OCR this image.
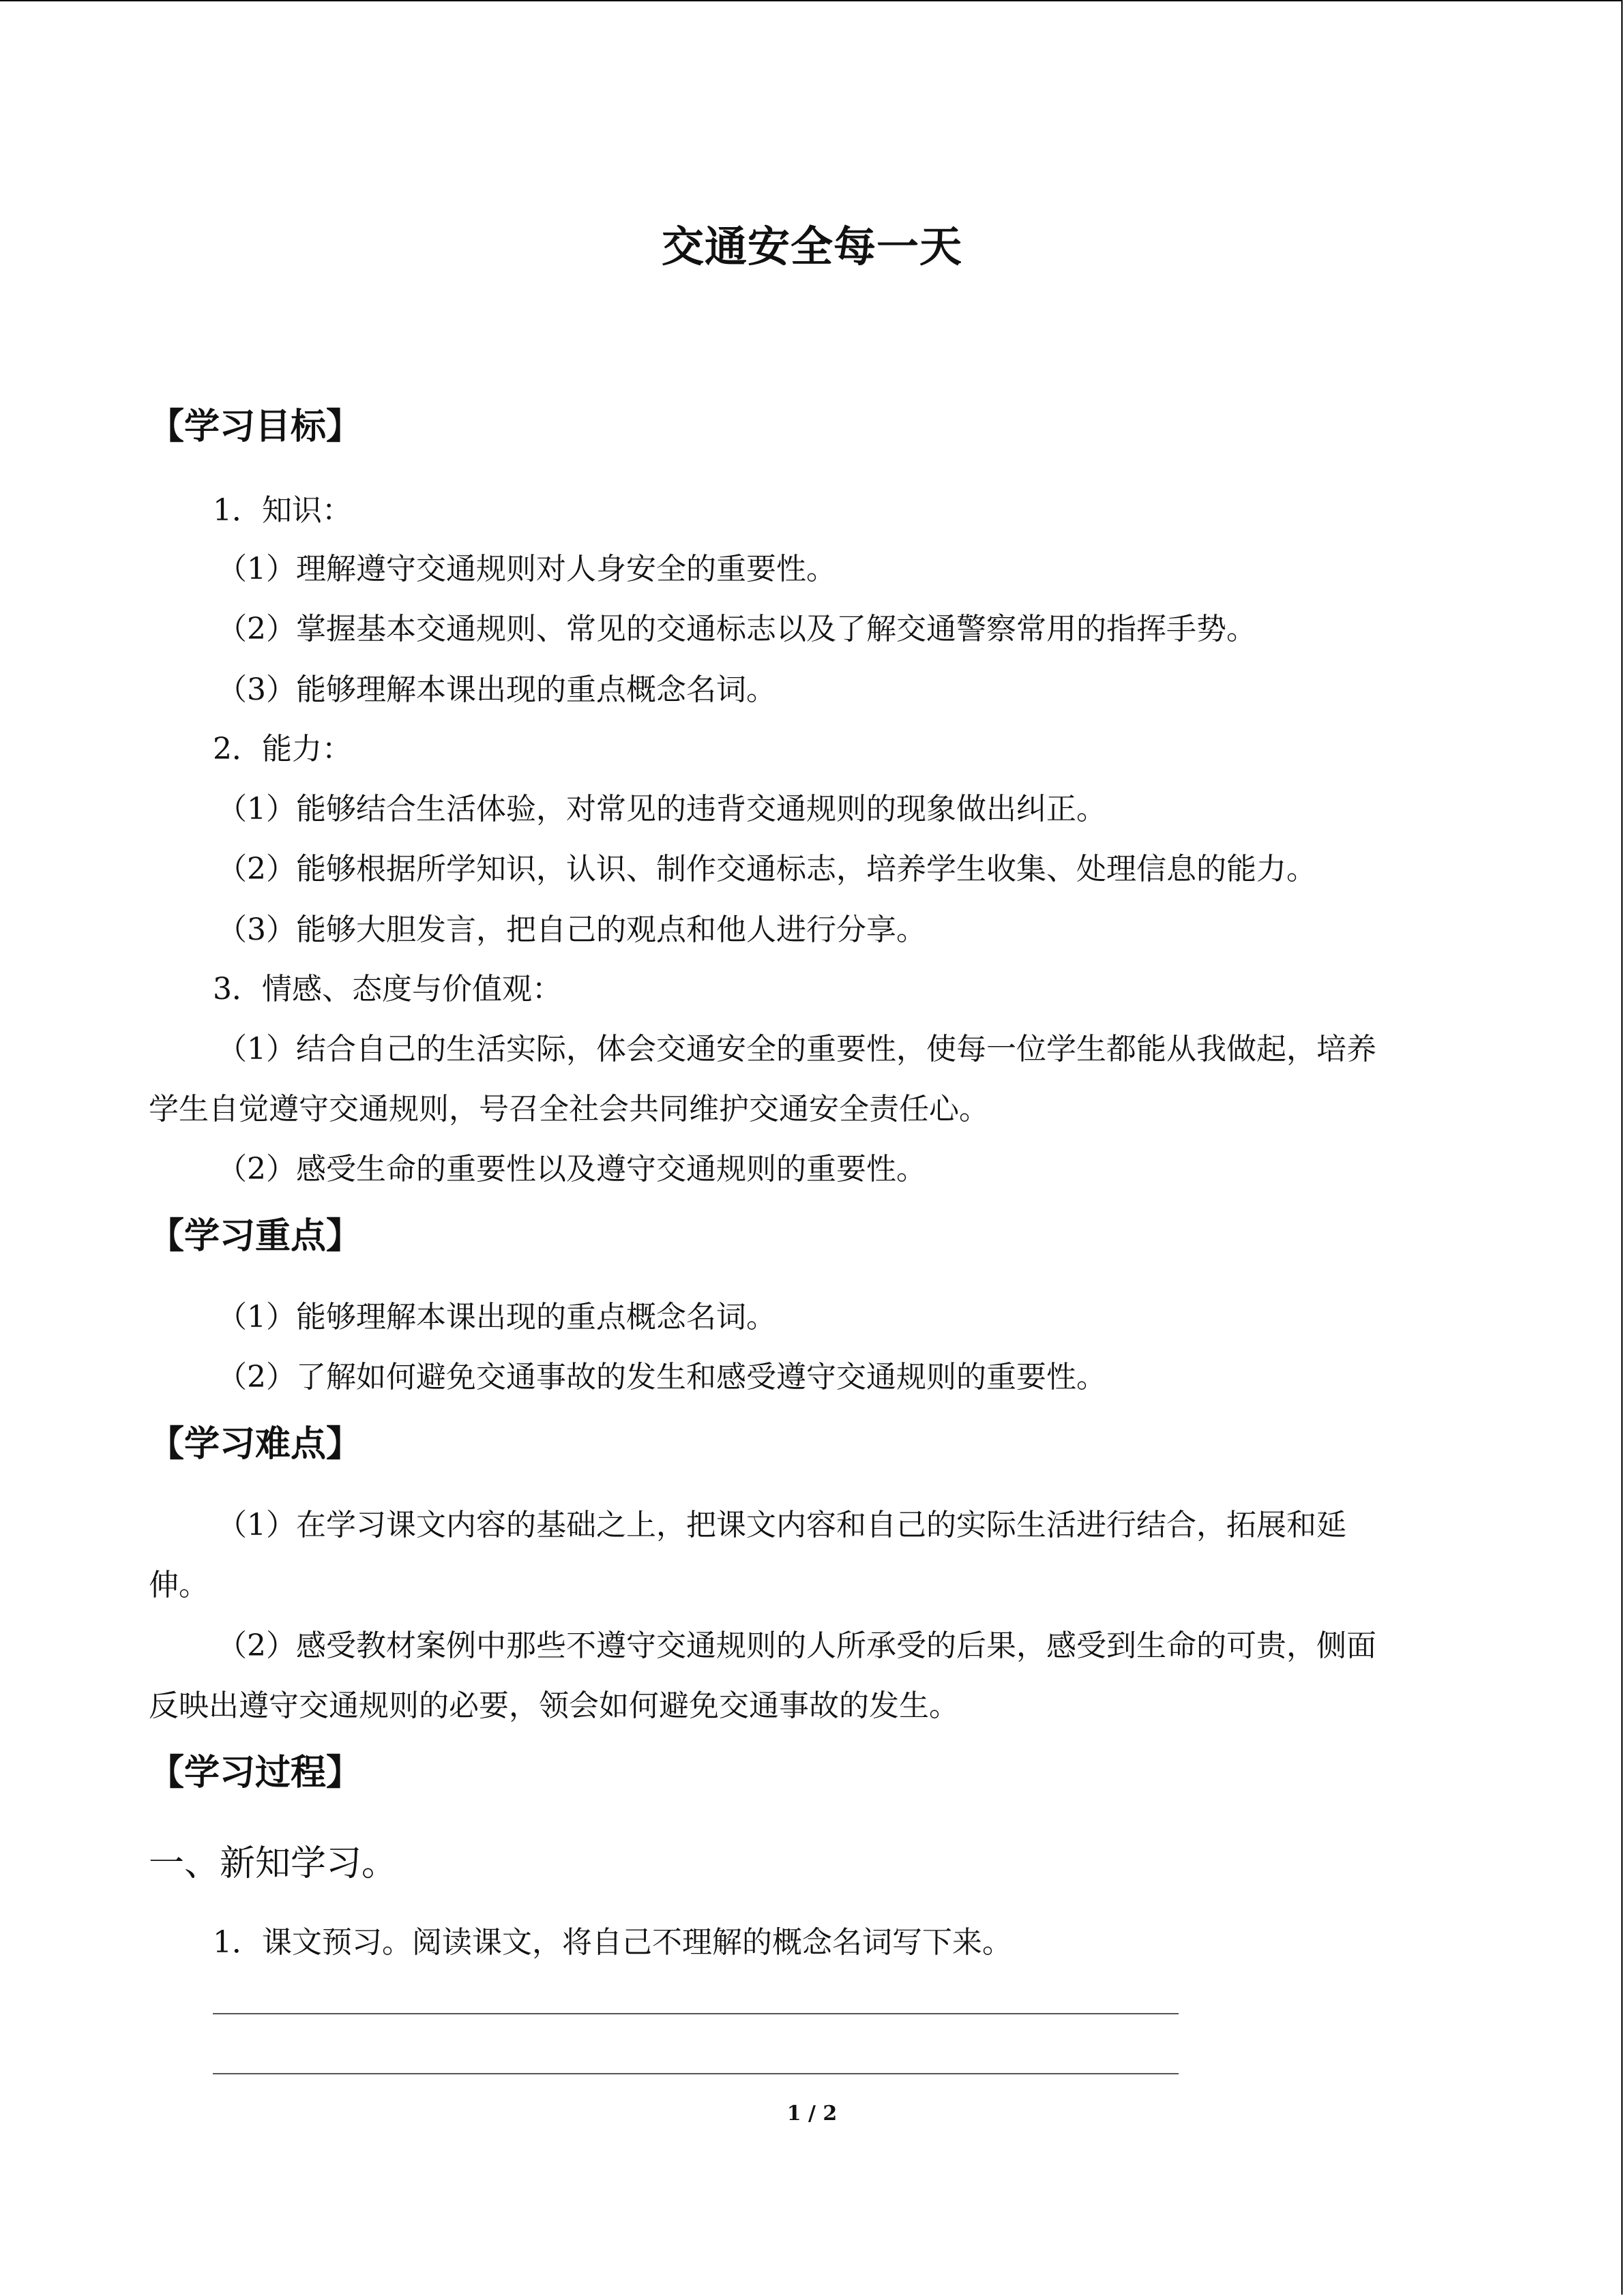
交通安全每一天
【学习目标】
1．知识：
（1）理解遵守交通规则对人身安全的重要性。
（2）掌握基本交通规则、常见的交通标志以及了解交通警察常用的指挥手势。
（3）能够理解本课出现的重点概念名词。
2．能力：
（1）能够结合生活体验，对常见的违背交通规则的现象做出纠正。
（2）能够根据所学知识，认识、制作交通标志，培养学生收集、处理信息的能力。
（3）能够大胆发言，把自己的观点和他人进行分享。
3．情感、态度与价值观：
（1）结合自己的生活实际，体会交通安全的重要性，使每一位学生都能从我做起，培养
学生自觉遵守交通规则，号召全社会共同维护交通安全责任心。
（2）感受生命的重要性以及遵守交通规则的重要性。
【学习重点】
（1）能够理解本课出现的重点概念名词。
（2）了解如何避免交通事故的发生和感受遵守交通规则的重要性。
【学习难点】
（1）在学习课文内容的基础之上，把课文内容和自己的实际生活进行结合，拓展和延
伸。
（2）感受教材案例中那些不遵守交通规则的人所承受的后果，感受到生命的可贵，侧面
反映出遵守交通规则的必要，领会如何避免交通事故的发生。
【学习过程】
一、新知学习。
1．课文预习。阅读课文，将自己不理解的概念名词写下来。
1 / 2
